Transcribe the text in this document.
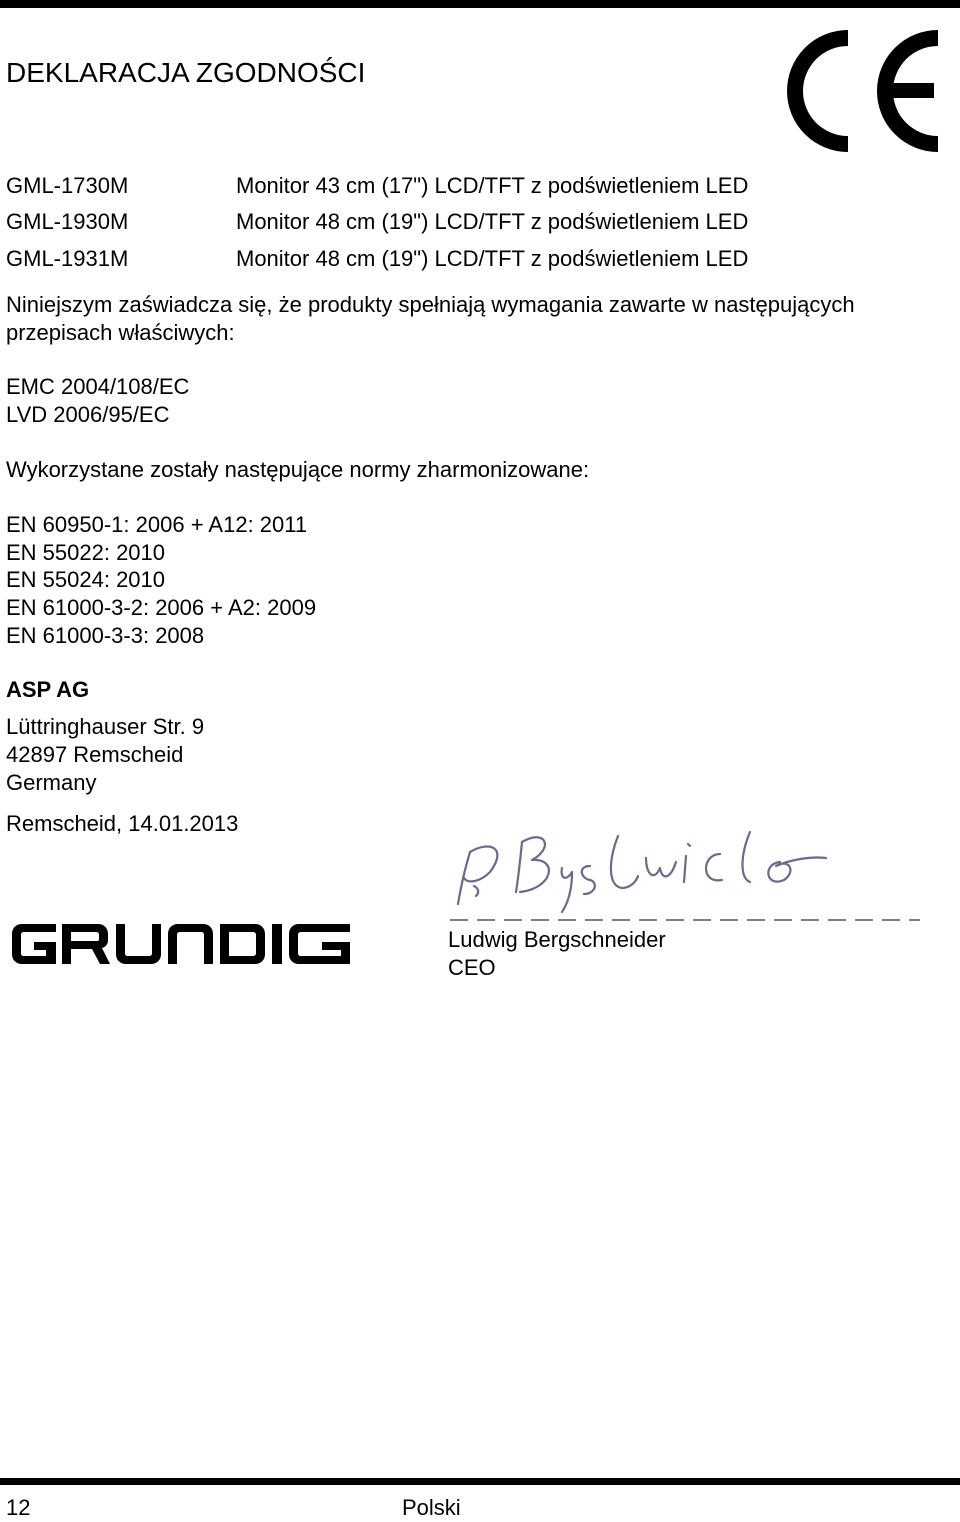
DEKLARACJA ZGODNOŚCI
GML-1730M	Monitor 43 cm (17") LCD/TFT z podświetleniem LED
GML-1930M	Monitor 48 cm (19") LCD/TFT z podświetleniem LED
GML-1931M	Monitor 48 cm (19") LCD/TFT z podświetleniem LED
Niniejszym zaświadcza się, że produkty spełniają wymagania zawarte w następujących
przepisach właściwych:
EMC 2004/108/EC
LVD 2006/95/EC
Wykorzystane zostały następujące normy zharmonizowane:
EN 60950-1: 2006 + A12: 2011
EN 55022: 2010
EN 55024: 2010
EN 61000-3-2: 2006 + A2: 2009
EN 61000-3-3: 2008
ASP AG
Lüttringhauser Str. 9
42897 Remscheid
Germany
Remscheid, 14.01.2013
Ludwig Bergschneider
CEO
12	Polski
